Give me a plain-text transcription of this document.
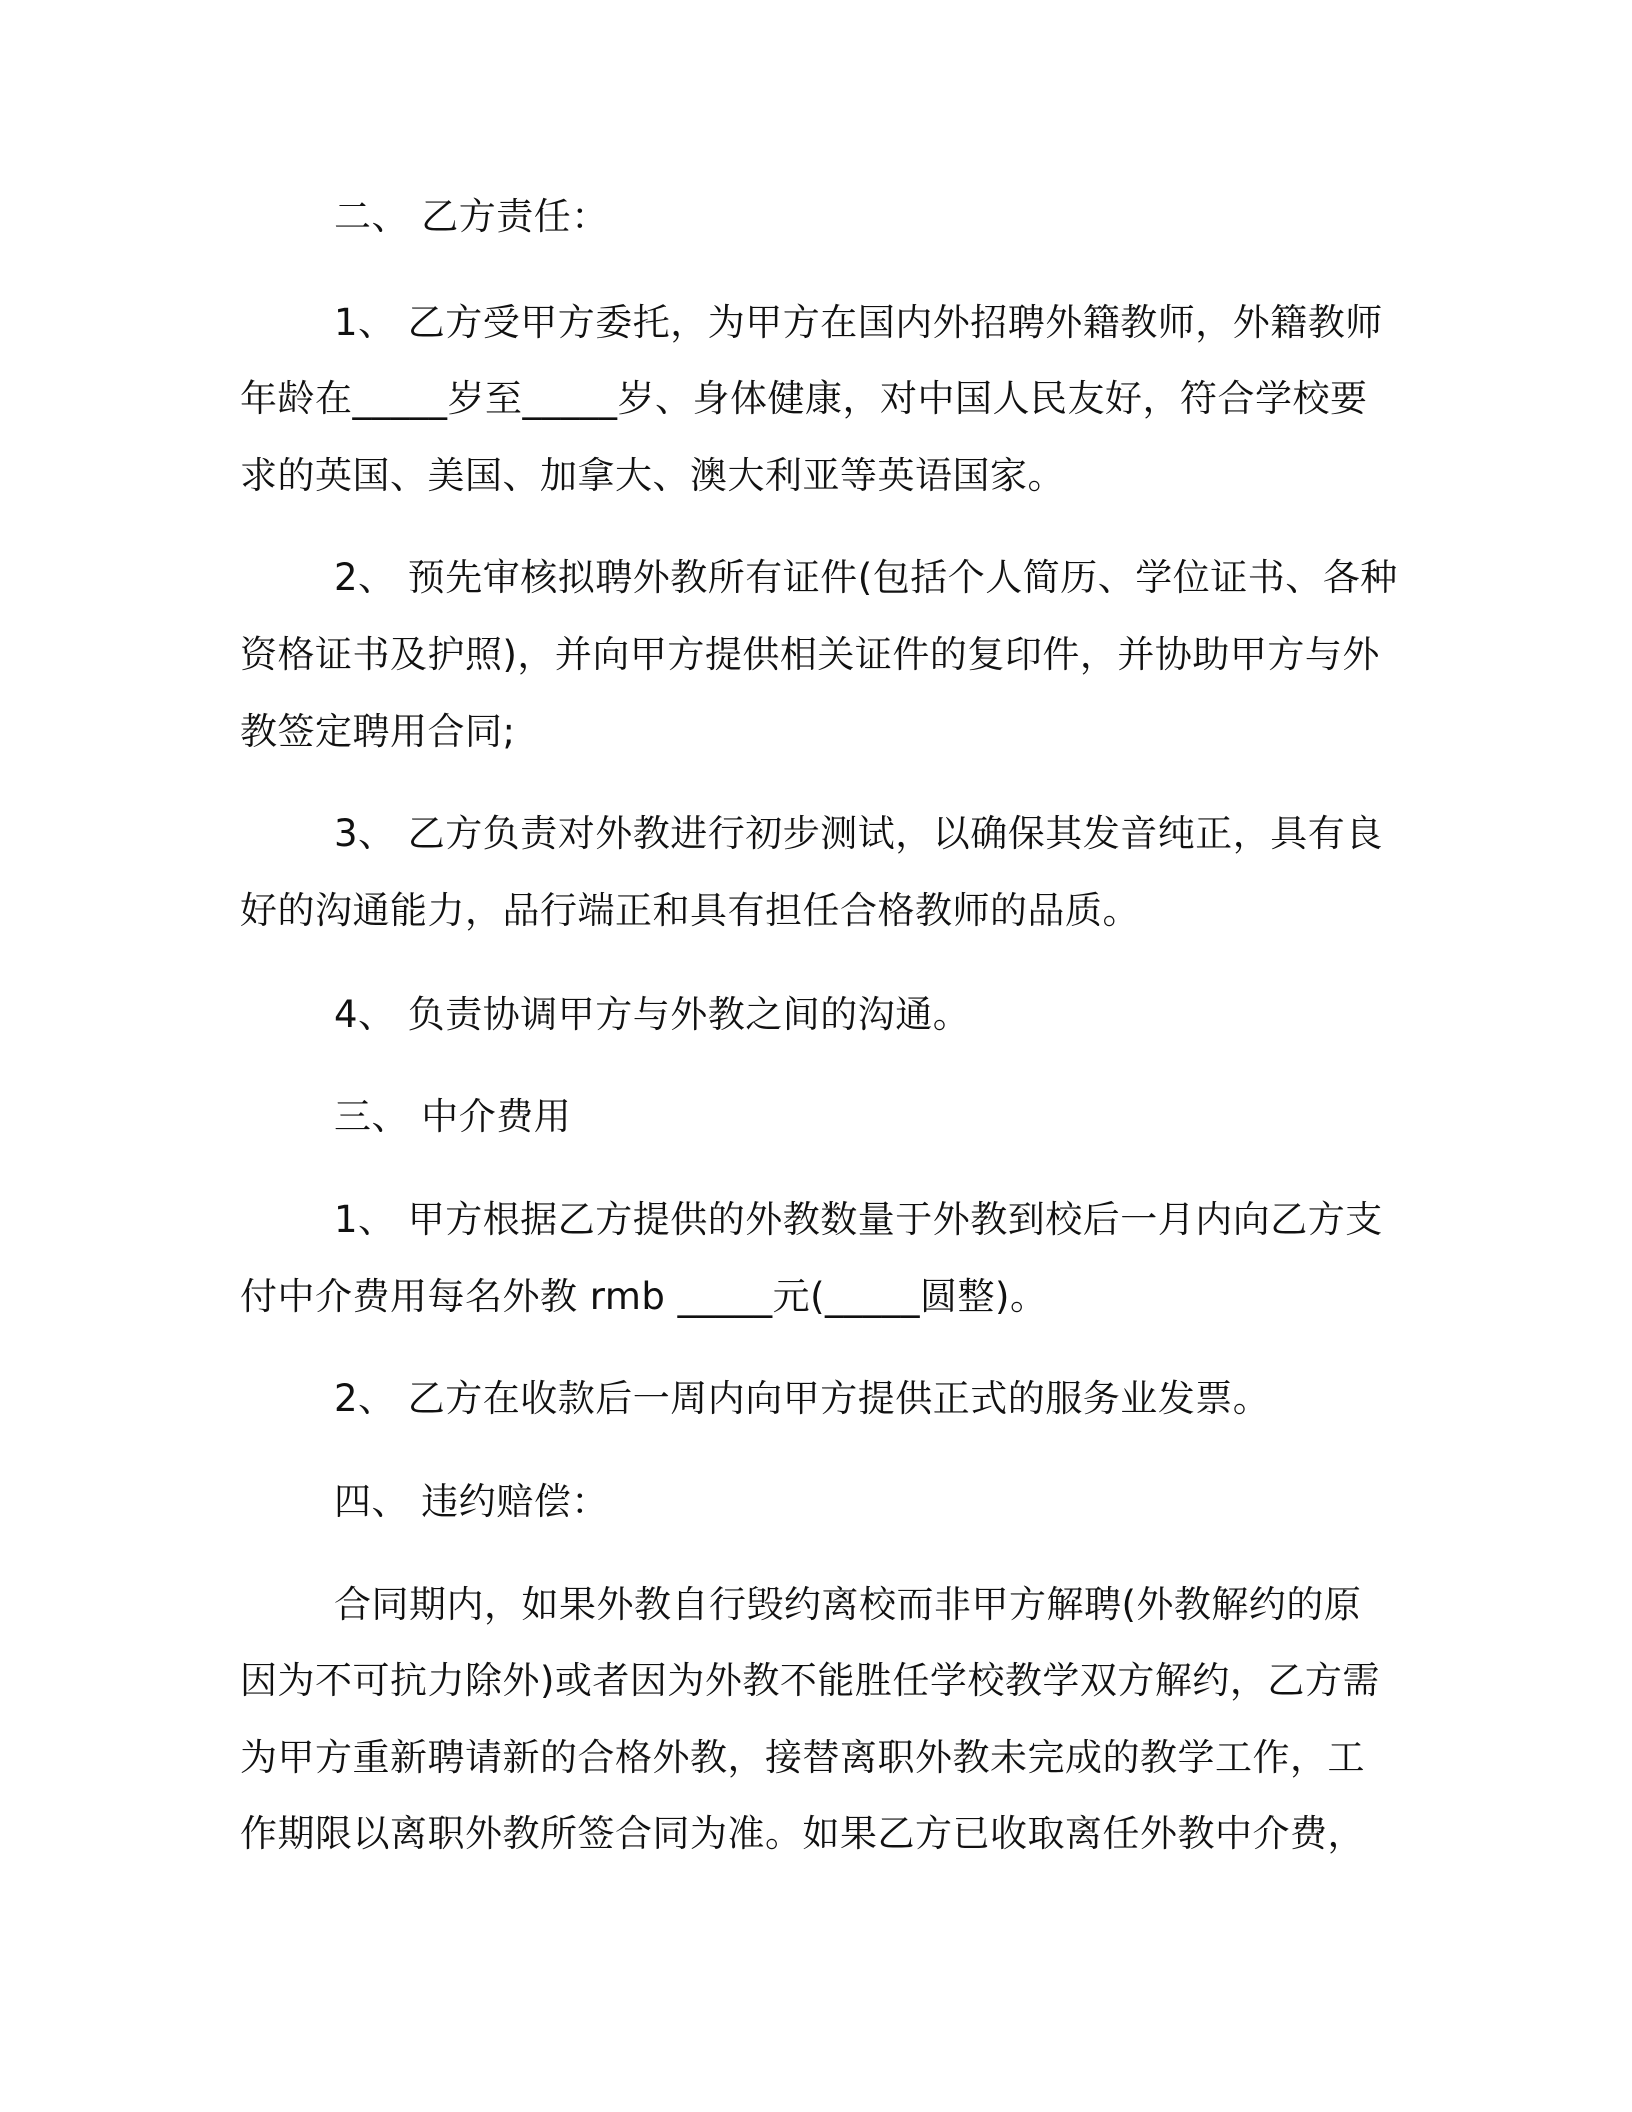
二、 乙方责任：

1、 乙方受甲方委托，为甲方在国内外招聘外籍教师，外籍教师

年龄在_____岁至_____岁、身体健康，对中国人民友好，符合学校要

求的英国、美国、加拿大、澳大利亚等英语国家。

2、 预先审核拟聘外教所有证件(包括个人简历、学位证书、各种

资格证书及护照)，并向甲方提供相关证件的复印件，并协助甲方与外

教签定聘用合同;

3、 乙方负责对外教进行初步测试，以确保其发音纯正，具有良

好的沟通能力，品行端正和具有担任合格教师的品质。

4、 负责协调甲方与外教之间的沟通。

三、 中介费用

1、 甲方根据乙方提供的外教数量于外教到校后一月内向乙方支

付中介费用每名外教 rmb _____元(_____圆整)。

2、 乙方在收款后一周内向甲方提供正式的服务业发票。

四、 违约赔偿：

合同期内，如果外教自行毁约离校而非甲方解聘(外教解约的原

因为不可抗力除外)或者因为外教不能胜任学校教学双方解约，乙方需

为甲方重新聘请新的合格外教，接替离职外教未完成的教学工作，工

作期限以离职外教所签合同为准。如果乙方已收取离任外教中介费，
